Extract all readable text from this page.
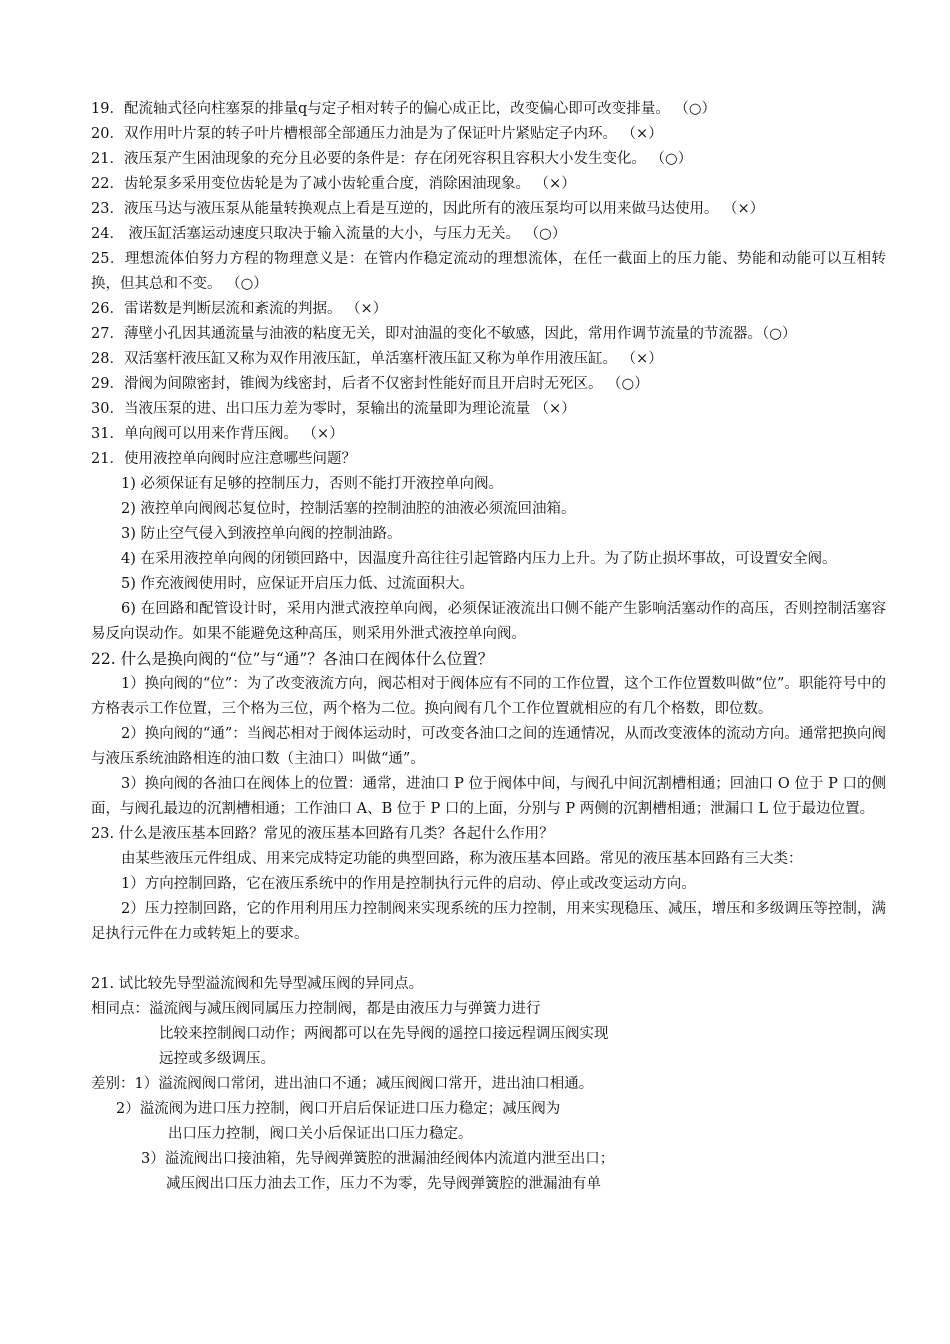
19．配流轴式径向柱塞泵的排量q与定子相对转子的偏心成正比，改变偏心即可改变排量。 （○）
20．双作用叶片泵的转子叶片槽根部全部通压力油是为了保证叶片紧贴定子内环。 （×）
21．液压泵产生困油现象的充分且必要的条件是：存在闭死容积且容积大小发生变化。 （○）
22．齿轮泵多采用变位齿轮是为了减小齿轮重合度，消除困油现象。 （×）
23．液压马达与液压泵从能量转换观点上看是互逆的，因此所有的液压泵均可以用来做马达使用。 （×）
24． 液压缸活塞运动速度只取决于输入流量的大小，与压力无关。 （○）
25．理想流体伯努力方程的物理意义是：在管内作稳定流动的理想流体，在任一截面上的压力能、势能和动能可以互相转换，但其总和不变。 （○）
26．雷诺数是判断层流和紊流的判据。 （×）
27．薄壁小孔因其通流量与油液的粘度无关，即对油温的变化不敏感，因此，常用作调节流量的节流器。（○）
28．双活塞杆液压缸又称为双作用液压缸，单活塞杆液压缸又称为单作用液压缸。 （×）
29．滑阀为间隙密封，锥阀为线密封，后者不仅密封性能好而且开启时无死区。 （○）
30．当液压泵的进、出口压力差为零时，泵输出的流量即为理论流量 （×）
31．单向阀可以用来作背压阀。 （×）
21．使用液控单向阀时应注意哪些问题？
1) 必须保证有足够的控制压力，否则不能打开液控单向阀。
2) 液控单向阀阀芯复位时，控制活塞的控制油腔的油液必须流回油箱。
3) 防止空气侵入到液控单向阀的控制油路。
4) 在采用液控单向阀的闭锁回路中，因温度升高往往引起管路内压力上升。为了防止损坏事故，可设置安全阀。
5) 作充液阀使用时，应保证开启压力低、过流面积大。
6) 在回路和配管设计时，采用内泄式液控单向阀，必须保证液流出口侧不能产生影响活塞动作的高压，否则控制活塞容易反向误动作。如果不能避免这种高压，则采用外泄式液控单向阀。
22. 什么是换向阀的“位”与“通”？各油口在阀体什么位置？
1）换向阀的“位”：为了改变液流方向，阀芯相对于阀体应有不同的工作位置，这个工作位置数叫做“位”。职能符号中的方格表示工作位置，三个格为三位，两个格为二位。换向阀有几个工作位置就相应的有几个格数，即位数。
2）换向阀的“通”：当阀芯相对于阀体运动时，可改变各油口之间的连通情况，从而改变液体的流动方向。通常把换向阀与液压系统油路相连的油口数（主油口）叫做“通”。
3）换向阀的各油口在阀体上的位置：通常，进油口 P 位于阀体中间，与阀孔中间沉割槽相通；回油口 O 位于 P 口的侧面，与阀孔最边的沉割槽相通；工作油口 A、B 位于 P 口的上面，分别与 P 两侧的沉割槽相通；泄漏口 L 位于最边位置。
23. 什么是液压基本回路？常见的液压基本回路有几类？各起什么作用？
由某些液压元件组成、用来完成特定功能的典型回路，称为液压基本回路。常见的液压基本回路有三大类：
1）方向控制回路，它在液压系统中的作用是控制执行元件的启动、停止或改变运动方向。
2）压力控制回路，它的作用利用压力控制阀来实现系统的压力控制，用来实现稳压、减压，增压和多级调压等控制，满足执行元件在力或转矩上的要求。
21. 试比较先导型溢流阀和先导型减压阀的异同点。
相同点：溢流阀与减压阀同属压力控制阀，都是由液压力与弹簧力进行
比较来控制阀口动作；两阀都可以在先导阀的遥控口接远程调压阀实现
远控或多级调压。
差别：1）溢流阀阀口常闭，进出油口不通；减压阀阀口常开，进出油口相通。
2）溢流阀为进口压力控制，阀口开启后保证进口压力稳定；减压阀为
出口压力控制，阀口关小后保证出口压力稳定。
3）溢流阀出口接油箱，先导阀弹簧腔的泄漏油经阀体内流道内泄至出口；
减压阀出口压力油去工作，压力不为零，先导阀弹簧腔的泄漏油有单
